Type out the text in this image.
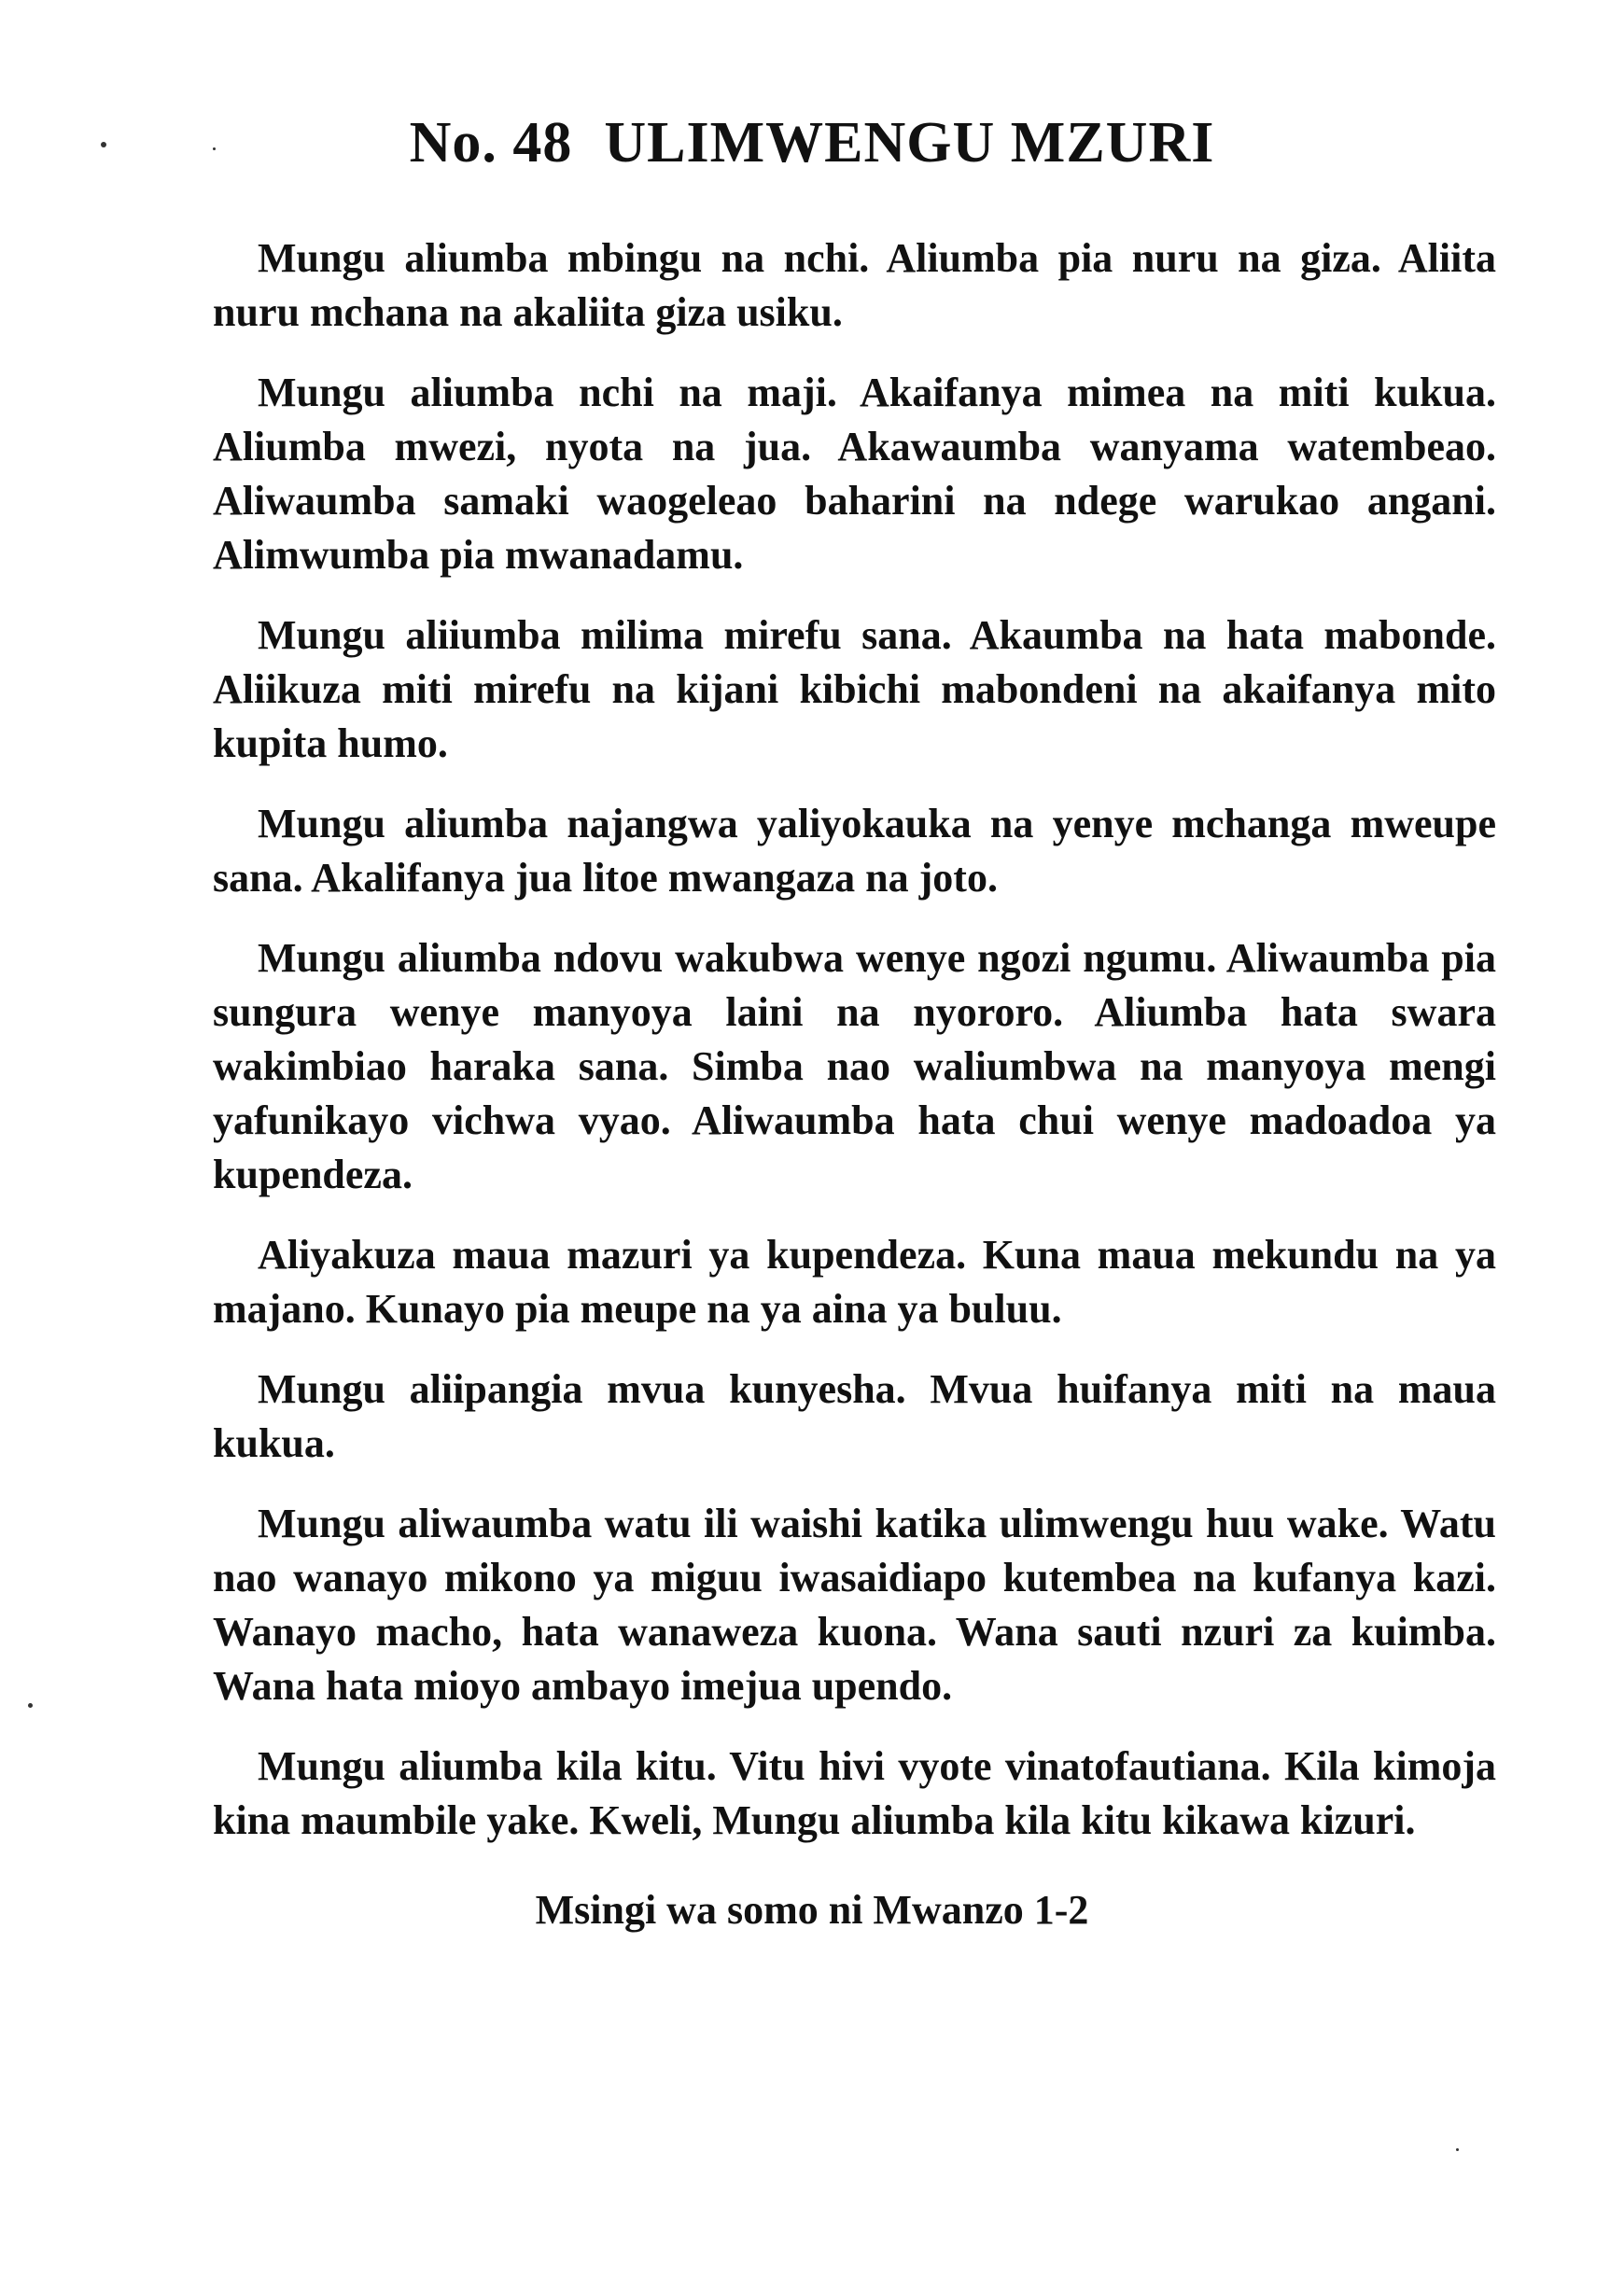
No. 48 ULIMWENGU MZURI

Mungu aliumba mbingu na nchi. Aliumba pia nuru na giza. Aliita nuru mchana na akaliita giza usiku.

Mungu aliumba nchi na maji. Akaifanya mimea na miti kukua. Aliumba mwezi, nyota na jua. Akawaumba wanyama watembeao. Aliwaumba samaki waogeleao baharini na ndege warukao angani. Alimwumba pia mwanadamu.

Mungu aliiumba milima mirefu sana. Akaumba na hata mabonde. Aliikuza miti mirefu na kijani kibichi mabondeni na akaifanya mito kupita humo.

Mungu aliumba najangwa yaliyokauka na yenye mchanga mweupe sana. Akalifanya jua litoe mwangaza na joto.

Mungu aliumba ndovu wakubwa wenye ngozi ngumu. Aliwaumba pia sungura wenye manyoya laini na nyororo. Aliumba hata swara wakimbiao haraka sana. Simba nao waliumbwa na manyoya mengi yafunikayo vichwa vyao. Aliwaumba hata chui wenye madoadoa ya kupendeza.

Aliyakuza maua mazuri ya kupendeza. Kuna maua mekundu na ya majano. Kunayo pia meupe na ya aina ya buluu.

Mungu aliipangia mvua kunyesha. Mvua huifanya miti na maua kukua.

Mungu aliwaumba watu ili waishi katika ulimwengu huu wake. Watu nao wanayo mikono ya miguu iwasaidiapo kutembea na kufanya kazi. Wanayo macho, hata wanaweza kuona. Wana sauti nzuri za kuimba. Wana hata mioyo ambayo imejua upendo.

Mungu aliumba kila kitu. Vitu hivi vyote vinatofautiana. Kila kimoja kina maumbile yake. Kweli, Mungu aliumba kila kitu kikawa kizuri.

Msingi wa somo ni Mwanzo 1-2
